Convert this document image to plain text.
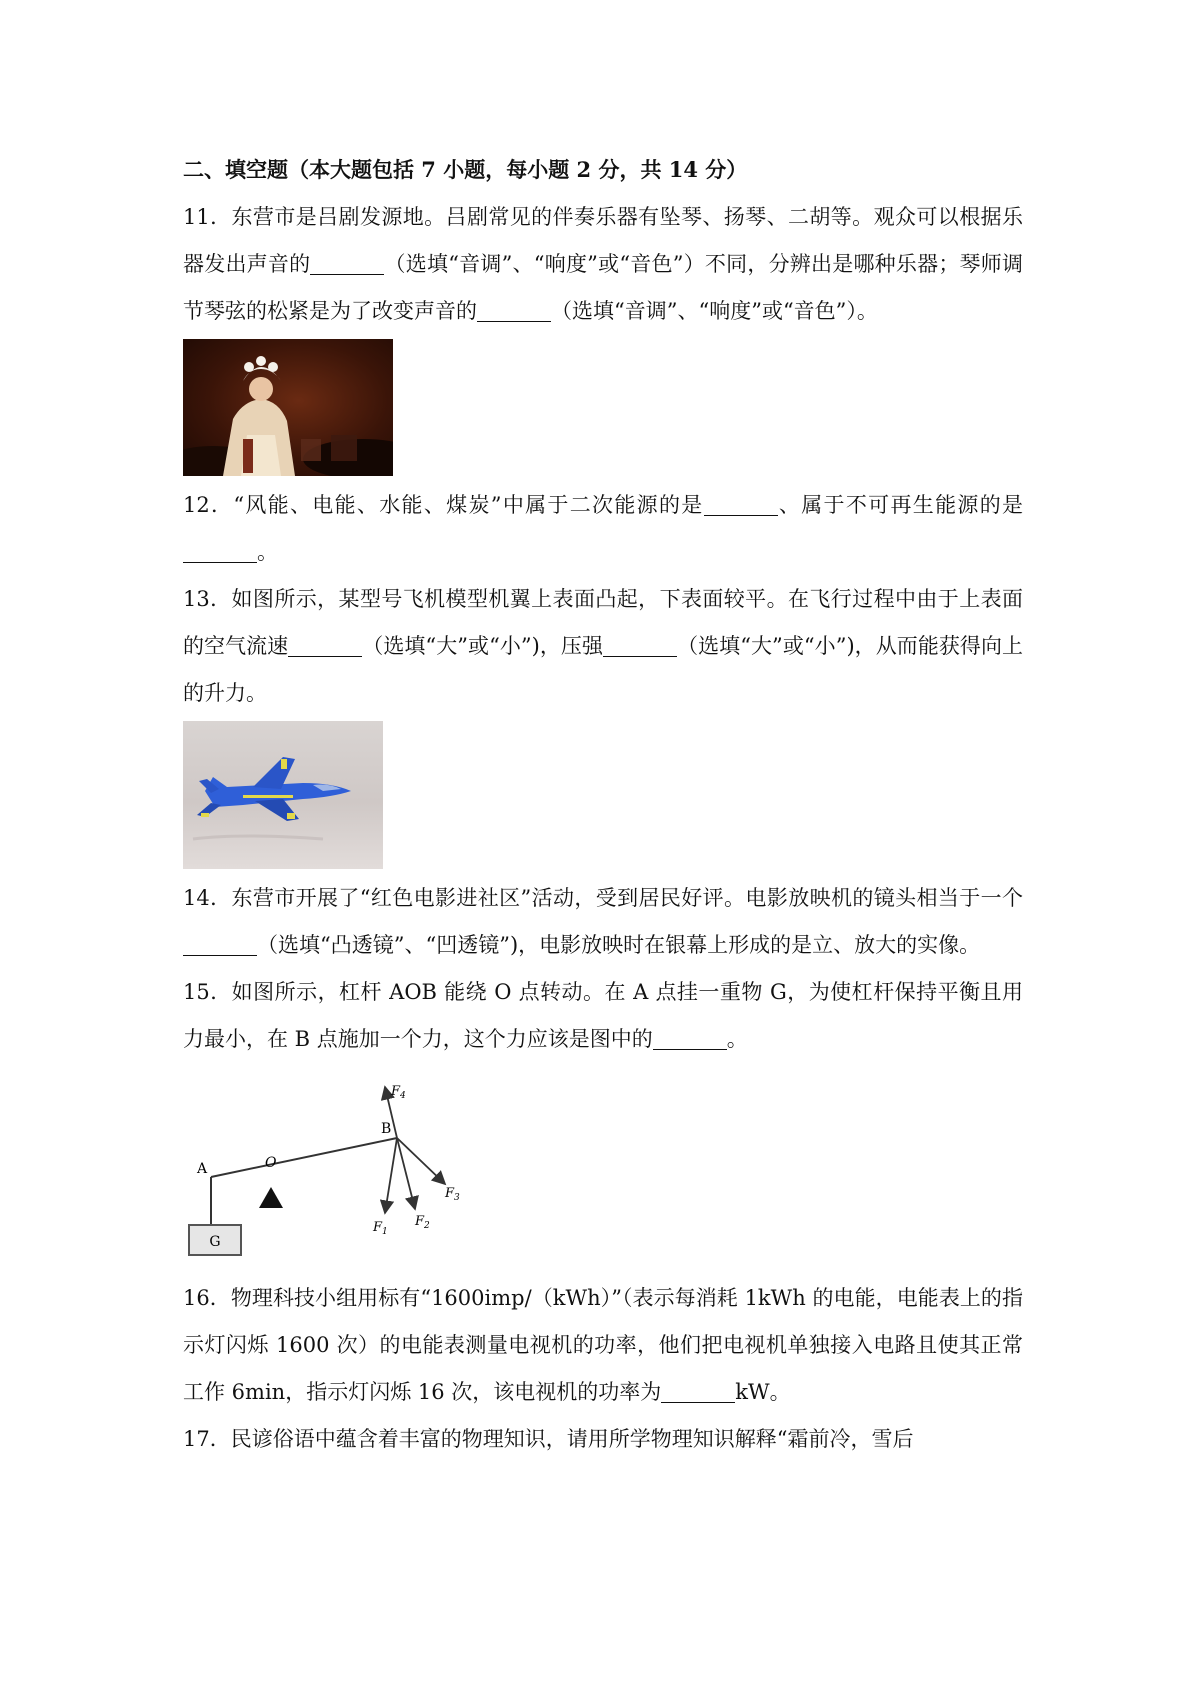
二、填空题（本大题包括 7 小题，每小题 2 分，共 14 分）

11．东营市是吕剧发源地。吕剧常见的伴奏乐器有坠琴、扬琴、二胡等。观众可以根据乐器发出声音的	（选填“音调”、“响度”或“音色”）不同，分辨出是哪种乐器；琴师调节琴弦的松紧是为了改变声音的	（选填“音调”、“响度”或“音色”）。

12．“风能、电能、水能、煤炭”中属于二次能源的是	、属于不可再生能源的是。

13．如图所示，某型号飞机模型机翼上表面凸起，下表面较平。在飞行过程中由于上表面的空气流速	（选填“大”或“小”)，压强	（选填“大”或“小”)，从而能获得向上的升力。

14．东营市开展了“红色电影进社区”活动，受到居民好评。电影放映机的镜头相当于一个（选填“凸透镜”、“凹透镜”)，电影放映时在银幕上形成的是立、放大的实像。

15．如图所示，杠杆 AOB 能绕 O 点转动。在 A 点挂一重物 G，为使杠杆保持平衡且用力最小，在 B 点施加一个力，这个力应该是图中的	。

G
A	O
B
$F_4$
$F_1$
$F_2$
$F_3$

16．物理科技小组用标有“1600imp/（kWh）”（表示每消耗 1kWh 的电能，电能表上的指示灯闪烁 1600 次）的电能表测量电视机的功率，他们把电视机单独接入电路且使其正常工作 6min，指示灯闪烁 16 次，该电视机的功率为	kW。

17．民谚俗语中蕴含着丰富的物理知识，请用所学物理知识解释“霜前冷，雪后
